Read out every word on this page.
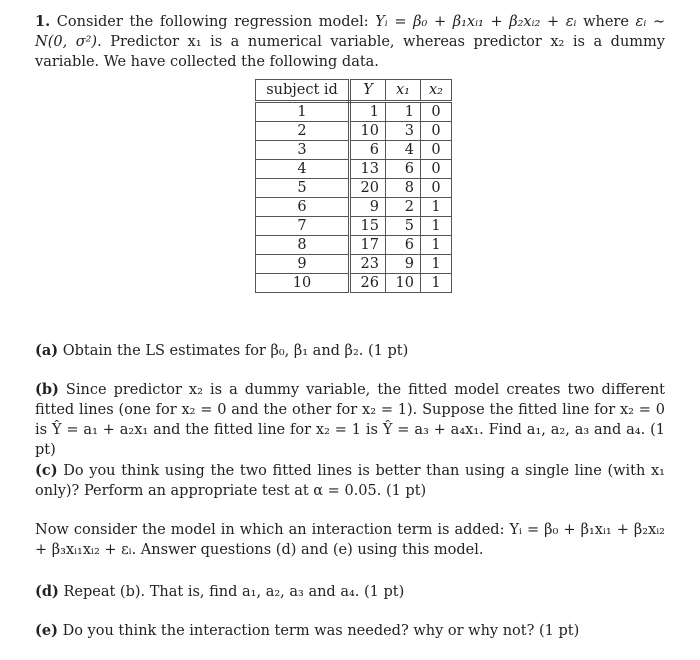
1. Consider the following regression model: Yᵢ = β₀ + β₁xᵢ₁ + β₂xᵢ₂ + εᵢ where εᵢ ∼ N(0, σ²). Predictor x₁ is a numerical variable, whereas predictor x₂ is a dummy variable. We have collected the following data.
subject id	Y	x₁	x₂
1	1	1	0
2	10	3	0
3	6	4	0
4	13	6	0
5	20	8	0
6	9	2	1
7	15	5	1
8	17	6	1
9	23	9	1
10	26	10	1
(a) Obtain the LS estimates for β₀, β₁ and β₂. (1 pt)
(b) Since predictor x₂ is a dummy variable, the fitted model creates two different fitted lines (one for x₂ = 0 and the other for x₂ = 1). Suppose the fitted line for x₂ = 0 is Ŷ = a₁ + a₂x₁ and the fitted line for x₂ = 1 is Ŷ = a₃ + a₄x₁. Find a₁, a₂, a₃ and a₄. (1 pt)
(c) Do you think using the two fitted lines is better than using a single line (with x₁ only)? Perform an appropriate test at α = 0.05. (1 pt)
Now consider the model in which an interaction term is added: Yᵢ = β₀ + β₁xᵢ₁ + β₂xᵢ₂ + β₃xᵢ₁xᵢ₂ + εᵢ. Answer questions (d) and (e) using this model.
(d) Repeat (b). That is, find a₁, a₂, a₃ and a₄. (1 pt)
(e) Do you think the interaction term was needed? why or why not? (1 pt)
